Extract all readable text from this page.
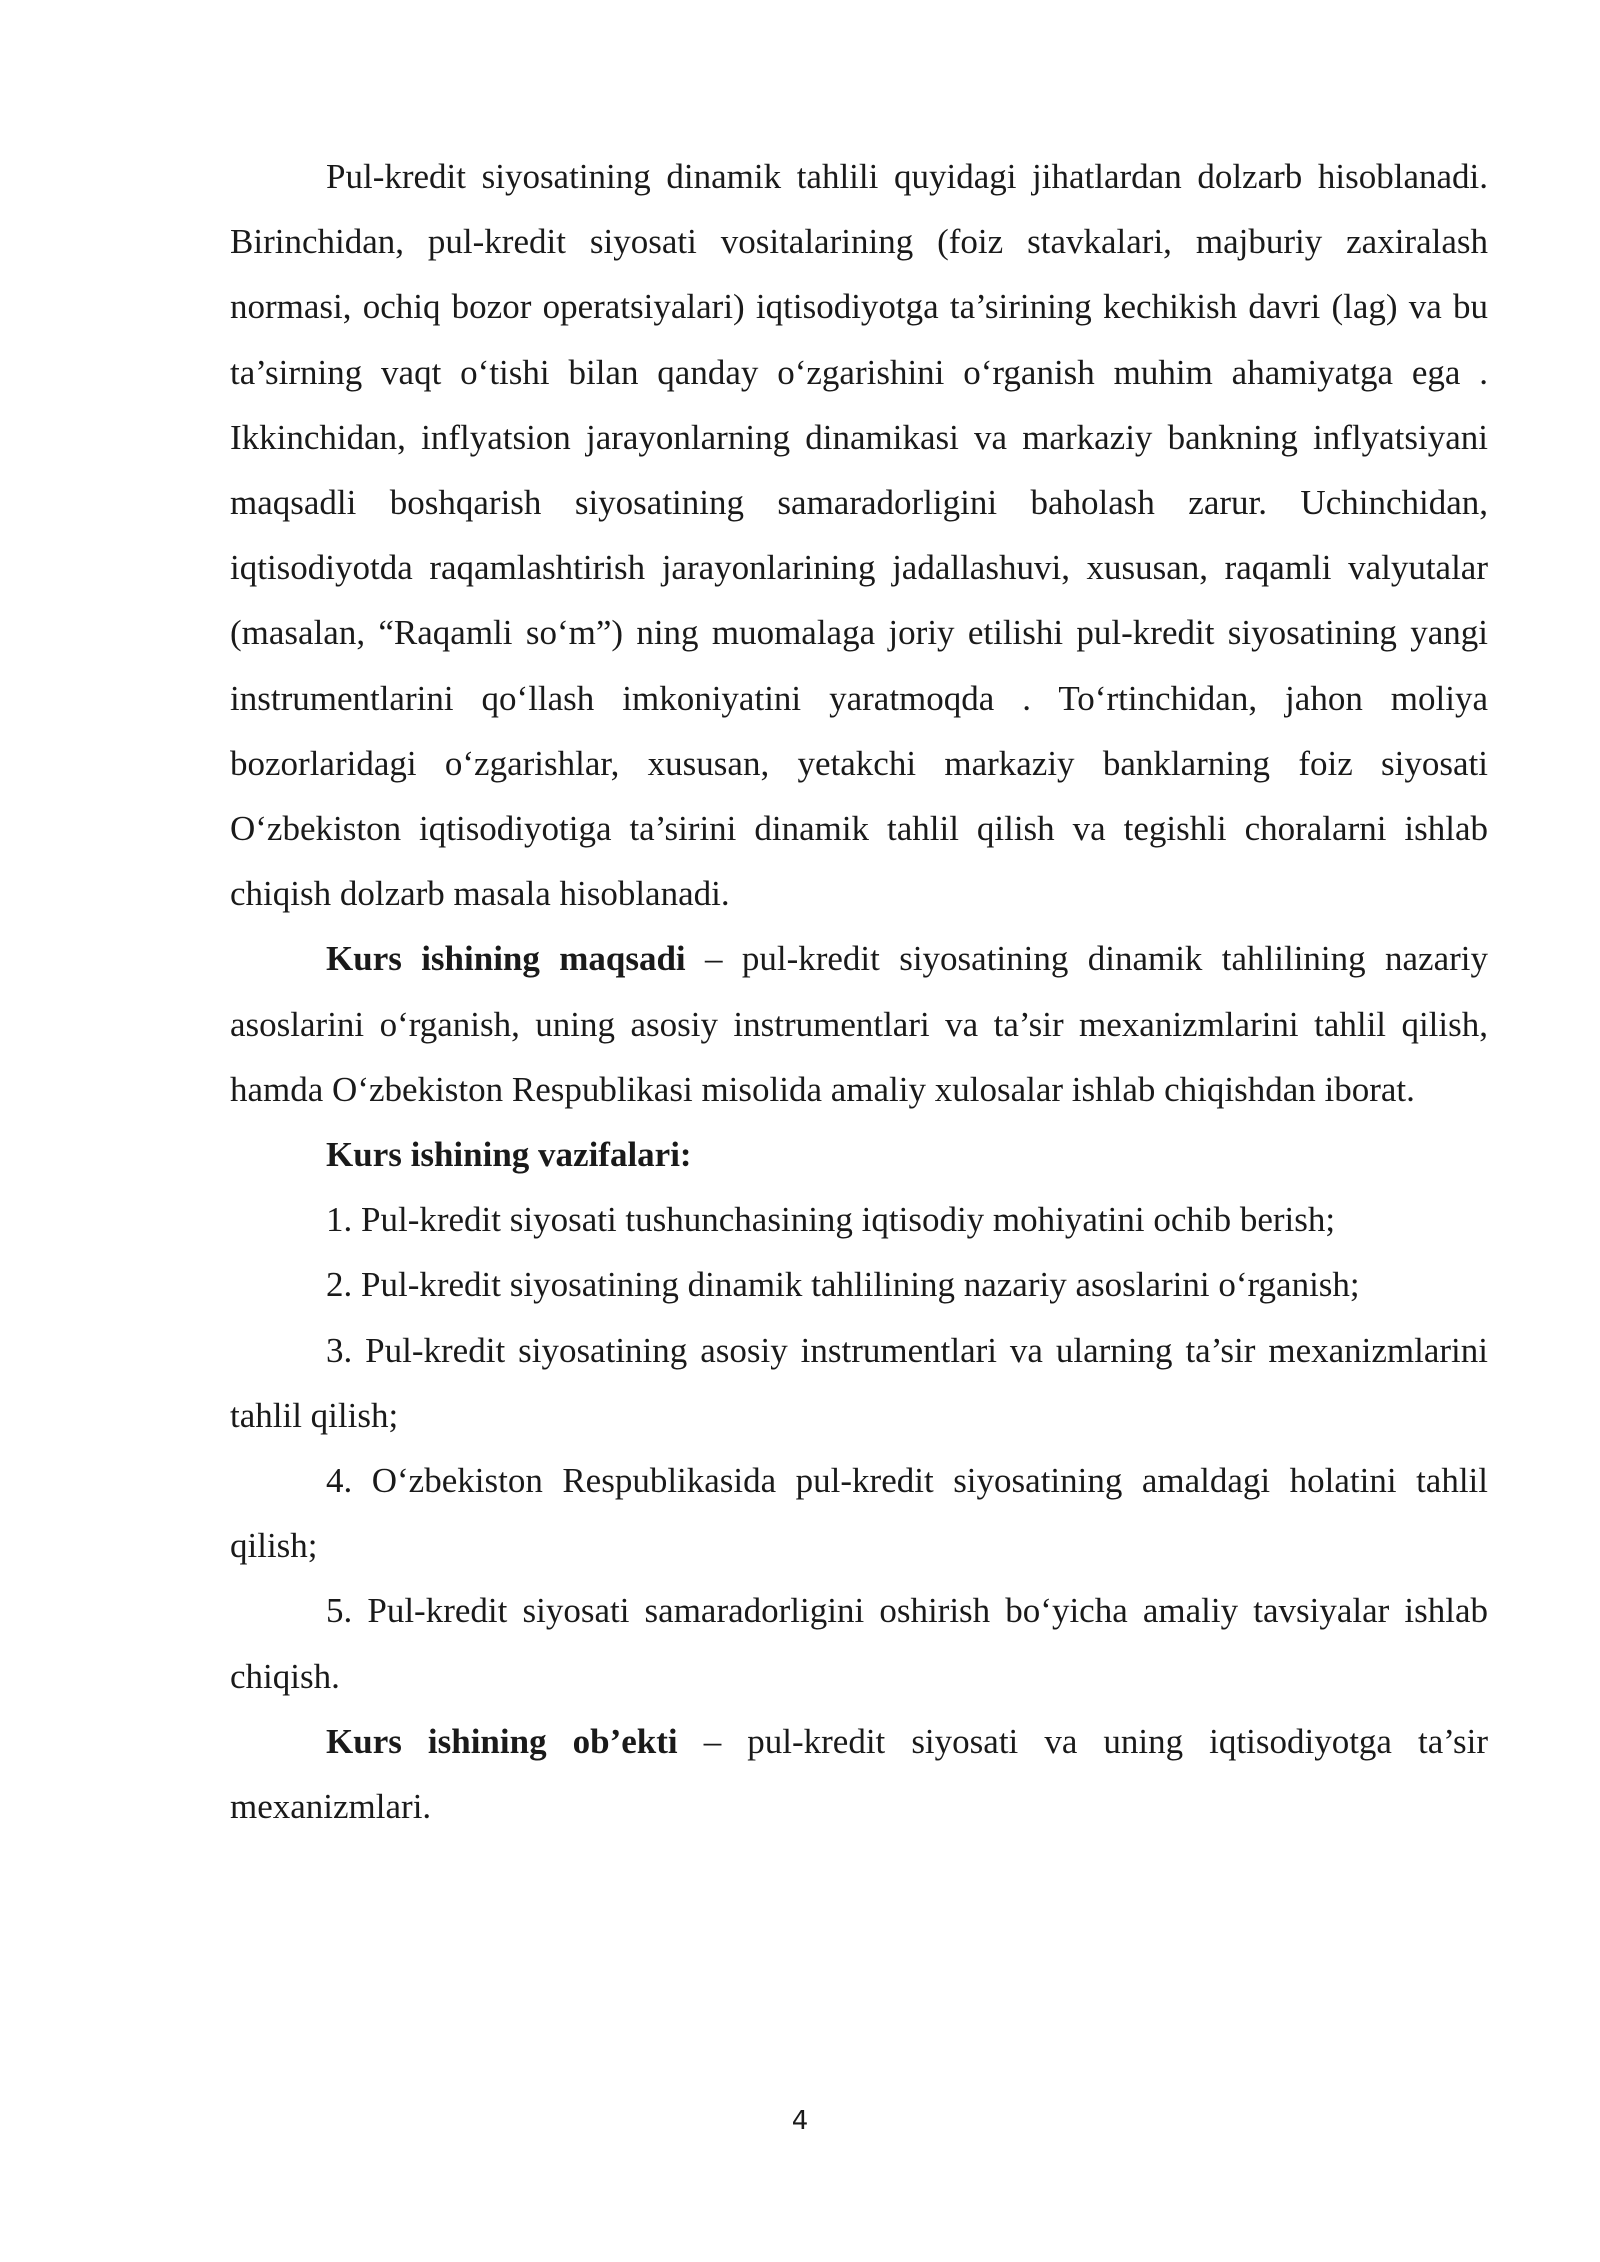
Pul-kredit siyosatining dinamik tahlili quyidagi jihatlardan dolzarb hisoblanadi. Birinchidan, pul-kredit siyosati vositalarining (foiz stavkalari, majburiy zaxiralash normasi, ochiq bozor operatsiyalari) iqtisodiyotga ta’sirining kechikish davri (lag) va bu ta’sirning vaqt o‘tishi bilan qanday o‘zgarishini o‘rganish muhim ahamiyatga ega . Ikkinchidan, inflyatsion jarayonlarning dinamikasi va markaziy bankning inflyatsiyani maqsadli boshqarish siyosatining samaradorligini baholash zarur. Uchinchidan, iqtisodiyotda raqamlashtirish jarayonlarining jadallashuvi, xususan, raqamli valyutalar (masalan, “Raqamli so‘m”) ning muomalaga joriy etilishi pul-kredit siyosatining yangi instrumentlarini qo‘llash imkoniyatini yaratmoqda . To‘rtinchidan, jahon moliya bozorlaridagi o‘zgarishlar, xususan, yetakchi markaziy banklarning foiz siyosati O‘zbekiston iqtisodiyotiga ta’sirini dinamik tahlil qilish va tegishli choralarni ishlab chiqish dolzarb masala hisoblanadi.

Kurs ishining maqsadi – pul-kredit siyosatining dinamik tahlilining nazariy asoslarini o‘rganish, uning asosiy instrumentlari va ta’sir mexanizmlarini tahlil qilish, hamda O‘zbekiston Respublikasi misolida amaliy xulosalar ishlab chiqishdan iborat.

Kurs ishining vazifalari:

1. Pul-kredit siyosati tushunchasining iqtisodiy mohiyatini ochib berish;

2. Pul-kredit siyosatining dinamik tahlilining nazariy asoslarini o‘rganish;

3. Pul-kredit siyosatining asosiy instrumentlari va ularning ta’sir mexanizmlarini tahlil qilish;

4. O‘zbekiston Respublikasida pul-kredit siyosatining amaldagi holatini tahlil qilish;

5. Pul-kredit siyosati samaradorligini oshirish bo‘yicha amaliy tavsiyalar ishlab chiqish.

Kurs ishining ob’ekti – pul-kredit siyosati va uning iqtisodiyotga ta’sir mexanizmlari.

4
